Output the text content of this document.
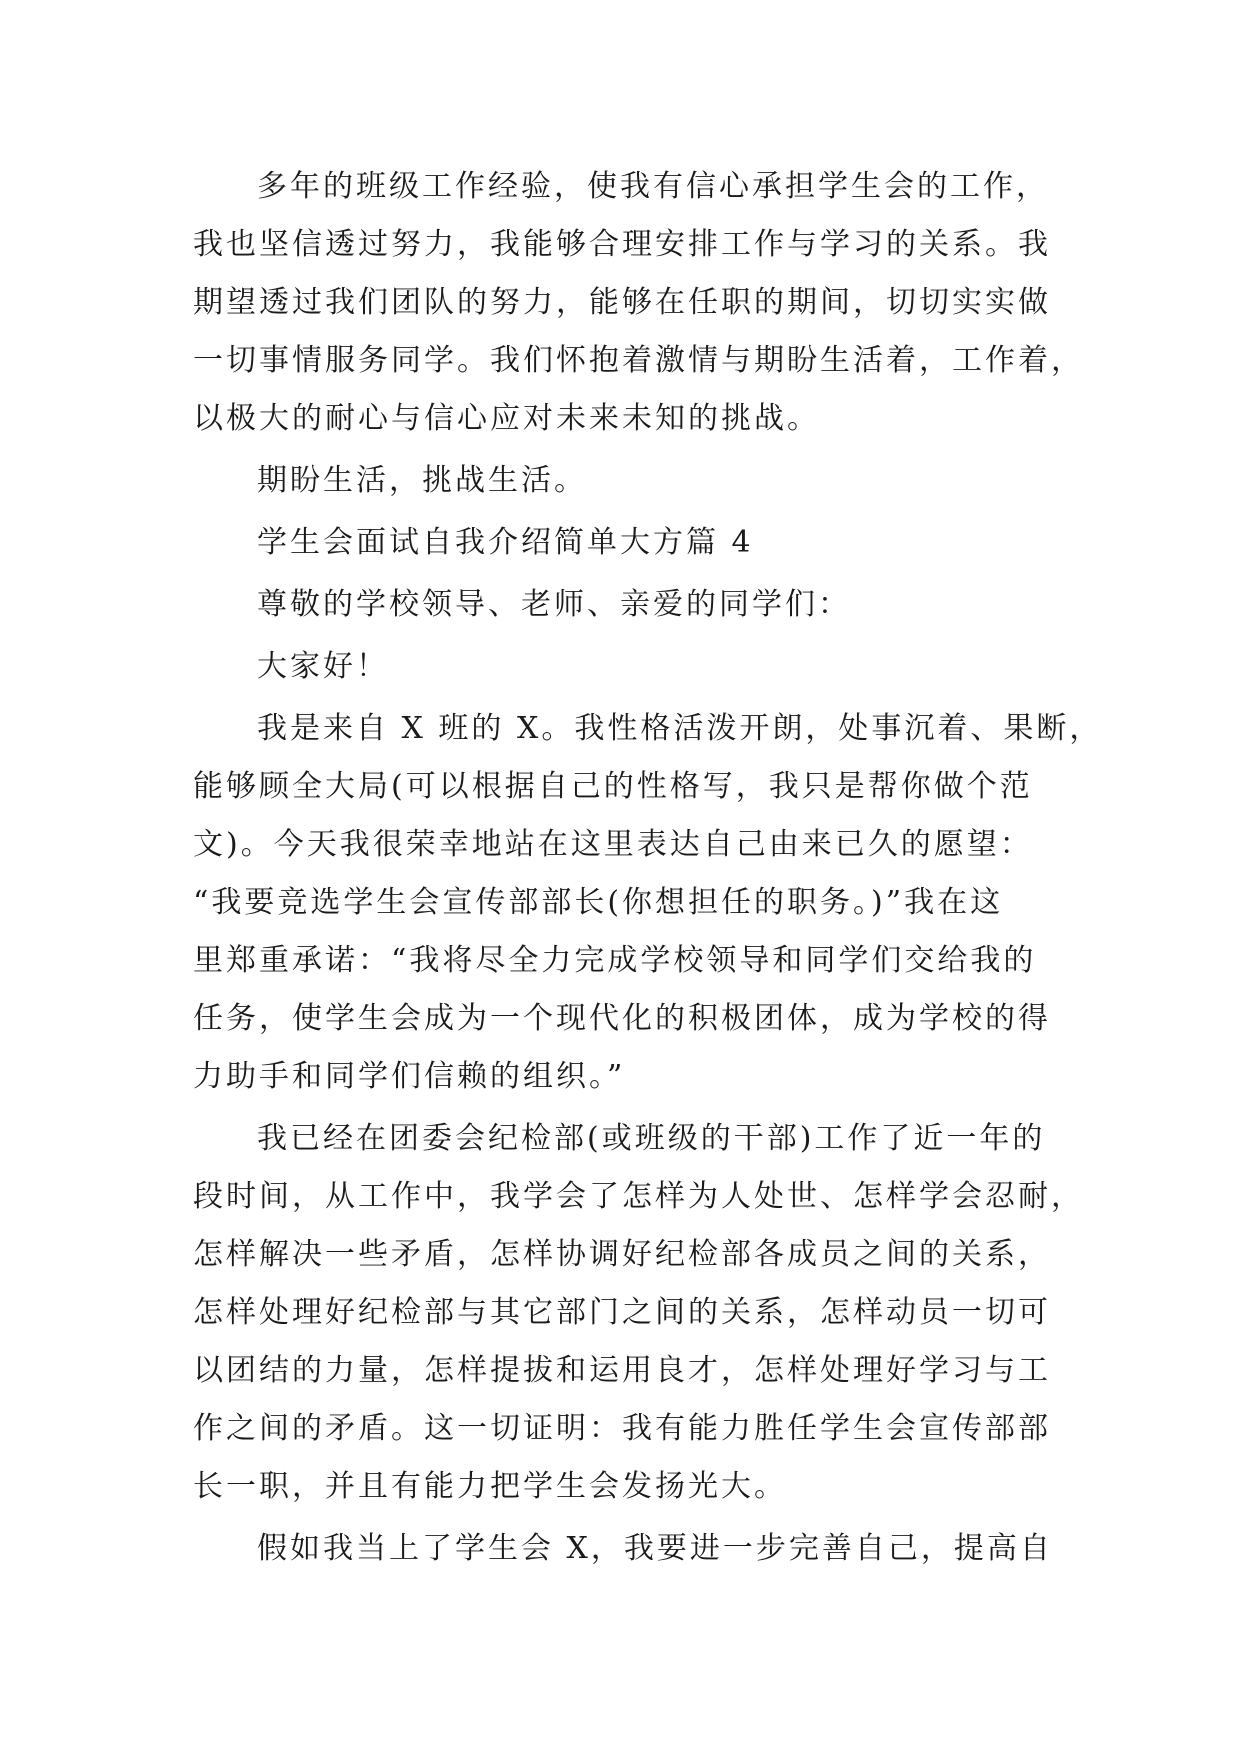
多年的班级工作经验，使我有信心承担学生会的工作，
我也坚信透过努力，我能够合理安排工作与学习的关系。我
期望透过我们团队的努力，能够在任职的期间，切切实实做
一切事情服务同学。我们怀抱着激情与期盼生活着，工作着，
以极大的耐心与信心应对未来未知的挑战。
期盼生活，挑战生活。
学生会面试自我介绍简单大方篇 4
尊敬的学校领导、老师、亲爱的同学们：
大家好！
我是来自 X 班的 X。我性格活泼开朗，处事沉着、果断，
能够顾全大局(可以根据自己的性格写，我只是帮你做个范
文)。今天我很荣幸地站在这里表达自己由来已久的愿望：
“我要竞选学生会宣传部部长(你想担任的职务。)”我在这
里郑重承诺：“我将尽全力完成学校领导和同学们交给我的
任务，使学生会成为一个现代化的积极团体，成为学校的得
力助手和同学们信赖的组织。”
我已经在团委会纪检部(或班级的干部)工作了近一年的
段时间，从工作中，我学会了怎样为人处世、怎样学会忍耐，
怎样解决一些矛盾，怎样协调好纪检部各成员之间的关系，
怎样处理好纪检部与其它部门之间的关系，怎样动员一切可
以团结的力量，怎样提拔和运用良才，怎样处理好学习与工
作之间的矛盾。这一切证明：我有能力胜任学生会宣传部部
长一职，并且有能力把学生会发扬光大。
假如我当上了学生会 X，我要进一步完善自己，提高自
